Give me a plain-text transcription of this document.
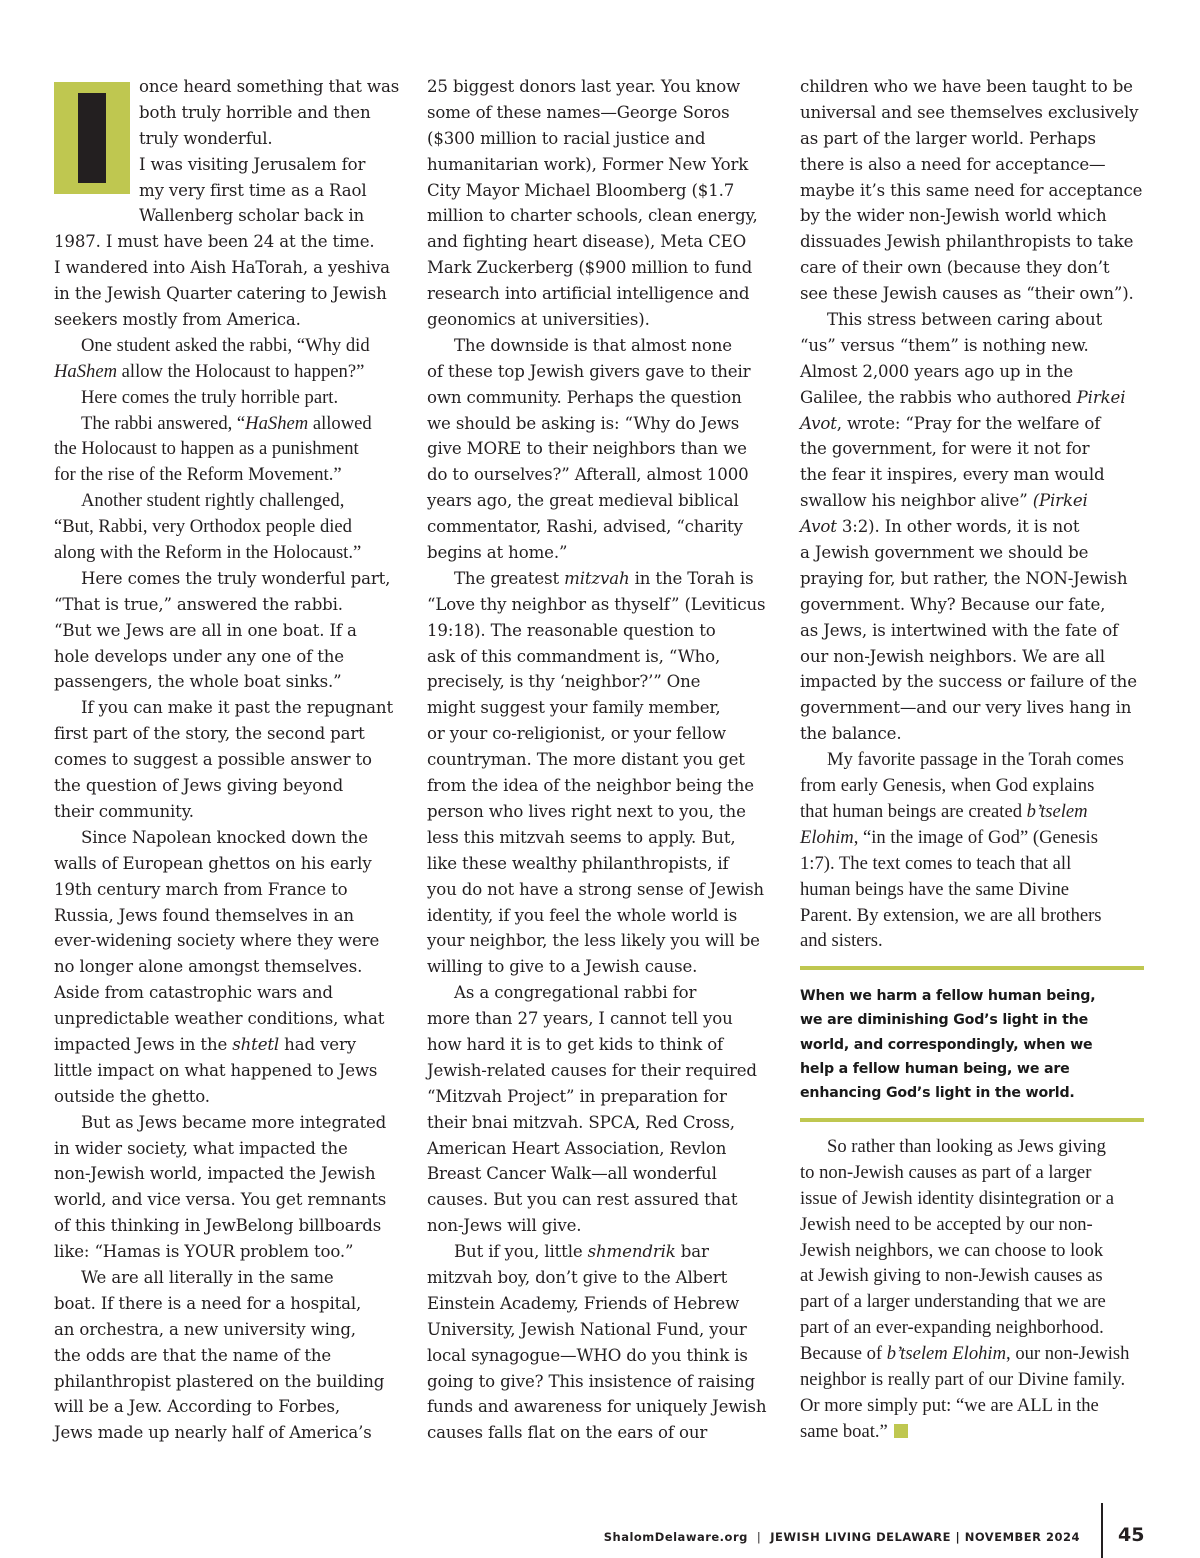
once heard something that was
both truly horrible and then
truly wonderful.
I was visiting Jerusalem for
my very first time as a Raol
Wallenberg scholar back in
1987. I must have been 24 at the time.
I wandered into Aish HaTorah, a yeshiva
in the Jewish Quarter catering to Jewish
seekers mostly from America.
One student asked the rabbi, “Why did
HaShem allow the Holocaust to happen?”
Here comes the truly horrible part.
The rabbi answered, “HaShem allowed
the Holocaust to happen as a punishment
for the rise of the Reform Movement.”
Another student rightly challenged,
“But, Rabbi, very Orthodox people died
along with the Reform in the Holocaust.”
Here comes the truly wonderful part,
“That is true,” answered the rabbi.
“But we Jews are all in one boat. If a
hole develops under any one of the
passengers, the whole boat sinks.”
If you can make it past the repugnant
first part of the story, the second part
comes to suggest a possible answer to
the question of Jews giving beyond
their community.
Since Napolean knocked down the
walls of European ghettos on his early
19th century march from France to
Russia, Jews found themselves in an
ever-widening society where they were
no longer alone amongst themselves.
Aside from catastrophic wars and
unpredictable weather conditions, what
impacted Jews in the shtetl had very
little impact on what happened to Jews
outside the ghetto.
But as Jews became more integrated
in wider society, what impacted the
non-Jewish world, impacted the Jewish
world, and vice versa. You get remnants
of this thinking in JewBelong billboards
like: “Hamas is YOUR problem too.”
We are all literally in the same
boat. If there is a need for a hospital,
an orchestra, a new university wing,
the odds are that the name of the
philanthropist plastered on the building
will be a Jew. According to Forbes,
Jews made up nearly half of America’s
25 biggest donors last year. You know
some of these names—George Soros
($300 million to racial justice and
humanitarian work), Former New York
City Mayor Michael Bloomberg ($1.7
million to charter schools, clean energy,
and fighting heart disease), Meta CEO
Mark Zuckerberg ($900 million to fund
research into artificial intelligence and
geonomics at universities).
The downside is that almost none
of these top Jewish givers gave to their
own community. Perhaps the question
we should be asking is: “Why do Jews
give MORE to their neighbors than we
do to ourselves?” Afterall, almost 1000
years ago, the great medieval biblical
commentator, Rashi, advised, “charity
begins at home.”
The greatest mitzvah in the Torah is
“Love thy neighbor as thyself” (Leviticus
19:18). The reasonable question to
ask of this commandment is, “Who,
precisely, is thy ‘neighbor?’” One
might suggest your family member,
or your co-religionist, or your fellow
countryman. The more distant you get
from the idea of the neighbor being the
person who lives right next to you, the
less this mitzvah seems to apply. But,
like these wealthy philanthropists, if
you do not have a strong sense of Jewish
identity, if you feel the whole world is
your neighbor, the less likely you will be
willing to give to a Jewish cause.
As a congregational rabbi for
more than 27 years, I cannot tell you
how hard it is to get kids to think of
Jewish-related causes for their required
“Mitzvah Project” in preparation for
their bnai mitzvah. SPCA, Red Cross,
American Heart Association, Revlon
Breast Cancer Walk—all wonderful
causes. But you can rest assured that
non-Jews will give.
But if you, little shmendrik bar
mitzvah boy, don’t give to the Albert
Einstein Academy, Friends of Hebrew
University, Jewish National Fund, your
local synagogue—WHO do you think is
going to give? This insistence of raising
funds and awareness for uniquely Jewish
causes falls flat on the ears of our
children who we have been taught to be
universal and see themselves exclusively
as part of the larger world. Perhaps
there is also a need for acceptance—
maybe it’s this same need for acceptance
by the wider non-Jewish world which
dissuades Jewish philanthropists to take
care of their own (because they don’t
see these Jewish causes as “their own”).
This stress between caring about
“us” versus “them” is nothing new.
Almost 2,000 years ago up in the
Galilee, the rabbis who authored Pirkei
Avot, wrote: “Pray for the welfare of
the government, for were it not for
the fear it inspires, every man would
swallow his neighbor alive” (Pirkei
Avot 3:2). In other words, it is not
a Jewish government we should be
praying for, but rather, the NON-Jewish
government. Why? Because our fate,
as Jews, is intertwined with the fate of
our non-Jewish neighbors. We are all
impacted by the success or failure of the
government—and our very lives hang in
the balance.
My favorite passage in the Torah comes
from early Genesis, when God explains
that human beings are created b’tselem
Elohim, “in the image of God” (Genesis
1:7). The text comes to teach that all
human beings have the same Divine
Parent. By extension, we are all brothers
and sisters.
When we harm a fellow human being,
we are diminishing God’s light in the
world, and correspondingly, when we
help a fellow human being, we are
enhancing God’s light in the world.
So rather than looking as Jews giving
to non-Jewish causes as part of a larger
issue of Jewish identity disintegration or a
Jewish need to be accepted by our non-
Jewish neighbors, we can choose to look
at Jewish giving to non-Jewish causes as
part of a larger understanding that we are
part of an ever-expanding neighborhood.
Because of b’tselem Elohim, our non-Jewish
neighbor is really part of our Divine family.
Or more simply put: “we are ALL in the
same boat.”
ShalomDelaware.org | JEWISH LIVING DELAWARE | NOVEMBER 2024 45
